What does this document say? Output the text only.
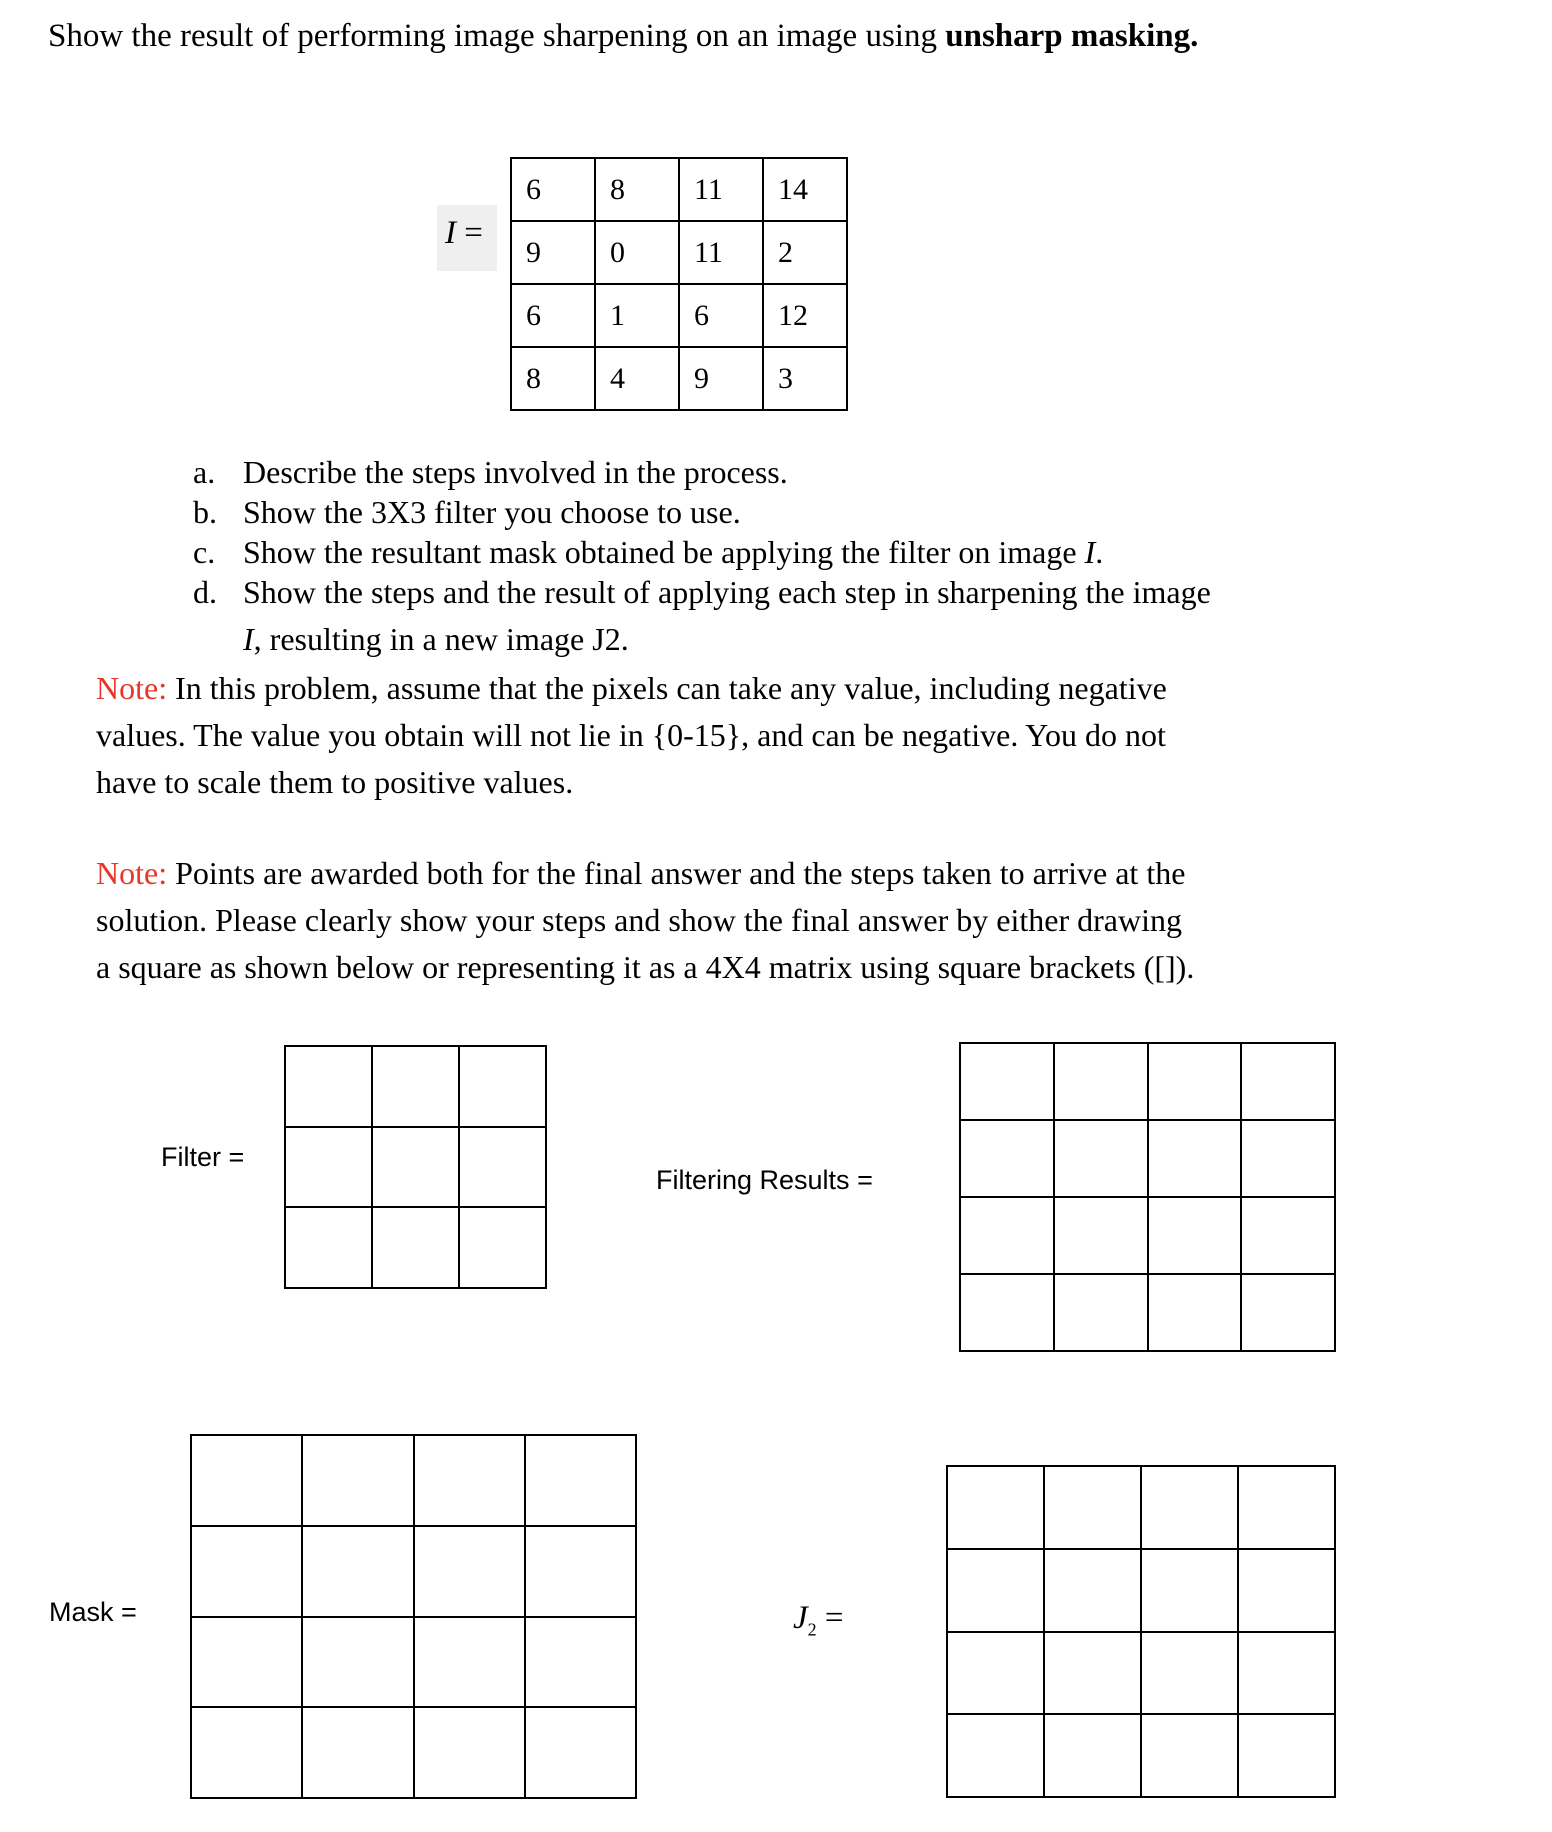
Show the result of performing image sharpening on an image using unsharp masking.
I =
6	8	11	14
9	0	11	2
6	1	6	12
8	4	9	3
a. Describe the steps involved in the process.
b. Show the 3X3 filter you choose to use.
c. Show the resultant mask obtained be applying the filter on image I.
d. Show the steps and the result of applying each step in sharpening the image
I, resulting in a new image J2.
Note: In this problem, assume that the pixels can take any value, including negative
values. The value you obtain will not lie in {0-15}, and can be negative. You do not
have to scale them to positive values.
Note: Points are awarded both for the final answer and the steps taken to arrive at the
solution. Please clearly show your steps and show the final answer by either drawing
a square as shown below or representing it as a 4X4 matrix using square brackets ([]).
Filter =

Filtering Results =

Mask =

				$J_2$ =
